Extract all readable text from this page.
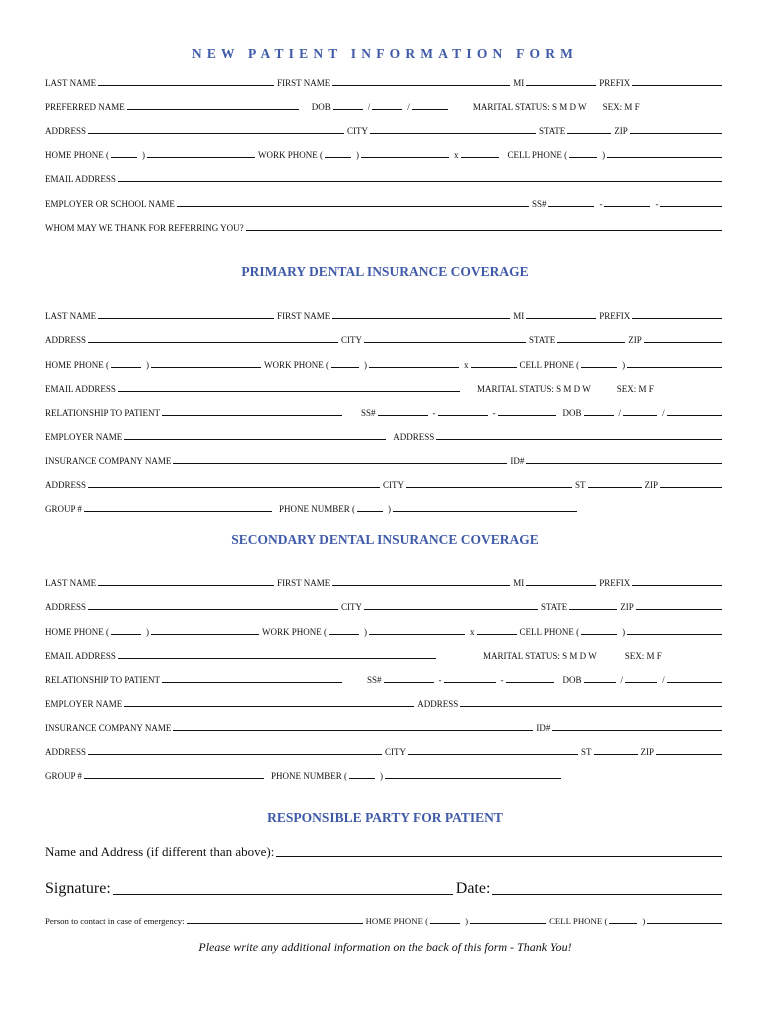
NEW PATIENT INFORMATION FORM
LAST NAME	FIRST NAME	MI	PREFIX
PREFERRED NAME	DOB	/	/	MARITAL STATUS: S M D W SEX: M F
ADDRESS	CITY	STATE	ZIP
HOME PHONE (	)	WORK PHONE (	)	x	CELL PHONE (	)
EMAIL ADDRESS
EMPLOYER OR SCHOOL NAME	SS#	-	-
WHOM MAY WE THANK FOR REFERRING YOU?
PRIMARY DENTAL INSURANCE COVERAGE
LAST NAME	FIRST NAME	MI	PREFIX
ADDRESS	CITY	STATE	ZIP
HOME PHONE (	)	WORK PHONE (	)	x	CELL PHONE (	)
EMAIL ADDRESS	MARITAL STATUS: S M D W	SEX: M F
RELATIONSHIP TO PATIENT	SS#	-	-	DOB	/	/
EMPLOYER NAME	ADDRESS
INSURANCE COMPANY NAME	ID#
ADDRESS	CITY	ST	ZIP
GROUP #	PHONE NUMBER (	)
SECONDARY DENTAL INSURANCE COVERAGE
LAST NAME	FIRST NAME	MI	PREFIX
ADDRESS	CITY	STATE	ZIP
HOME PHONE (	)	WORK PHONE (	)	x	CELL PHONE (	)
EMAIL ADDRESS	MARITAL STATUS: S M D W	SEX: M F
RELATIONSHIP TO PATIENT	SS#	-	-	DOB	/	/
EMPLOYER NAME	ADDRESS
INSURANCE COMPANY NAME	ID#
ADDRESS	CITY	ST	ZIP
GROUP #	PHONE NUMBER (	)
RESPONSIBLE PARTY FOR PATIENT
Name and Address (if different than above):
Signature:	Date:
Person to contact in case of emergency:	HOME PHONE (	)	CELL PHONE (	)
Please write any additional information on the back of this form - Thank You!
